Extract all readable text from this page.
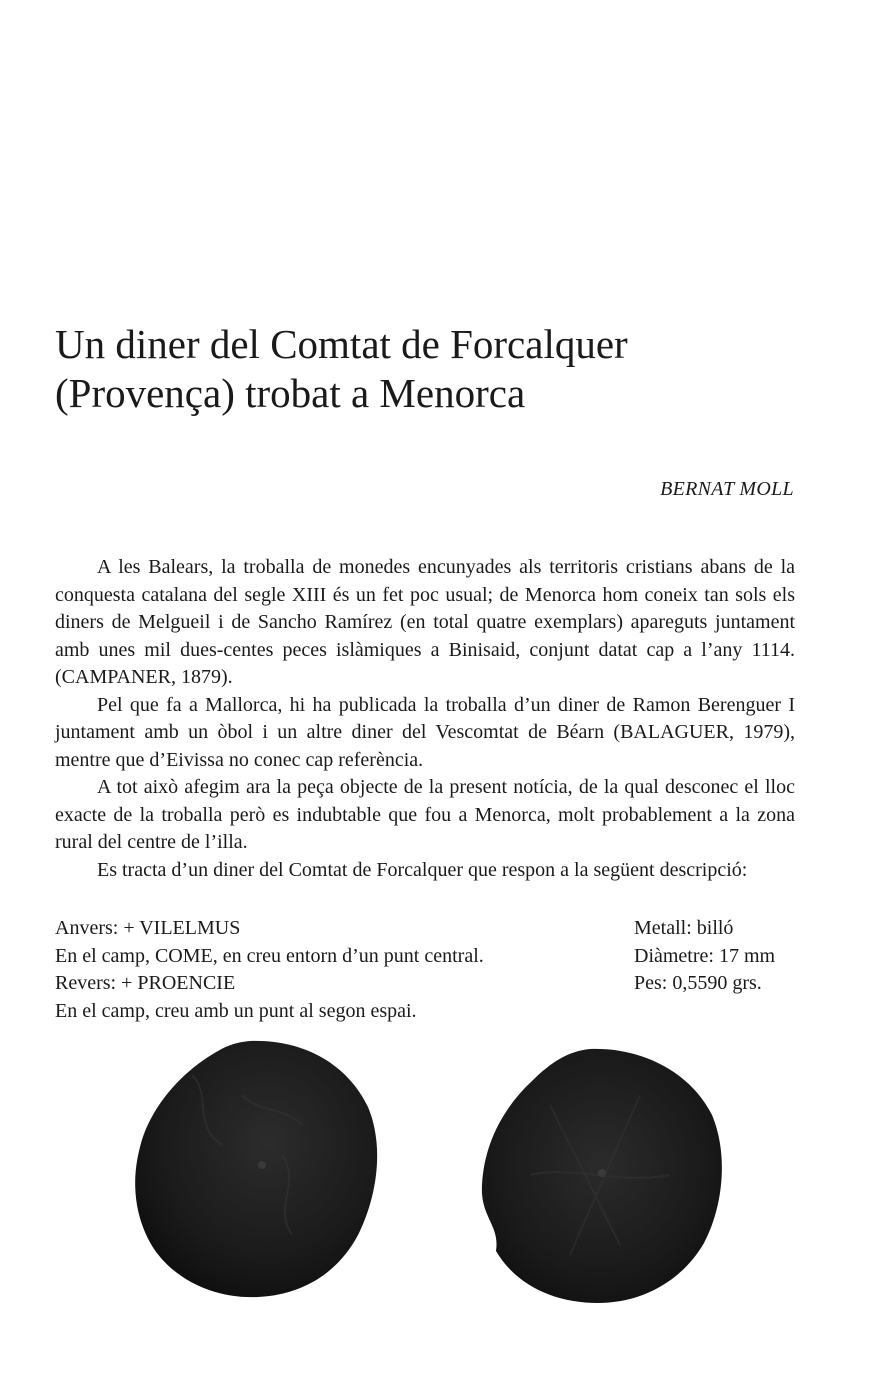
Un diner del Comtat de Forcalquer
(Provença) trobat a Menorca
BERNAT MOLL

A les Balears, la troballa de monedes encunyades als territoris cristians abans de la conquesta catalana del segle XIII és un fet poc usual; de Menorca hom coneix tan sols els diners de Melgueil i de Sancho Ramírez (en total quatre exemplars) apareguts juntament amb unes mil dues-centes peces islàmiques a Binisaid, conjunt datat cap a l’any 1114. (CAMPANER, 1879).

Pel que fa a Mallorca, hi ha publicada la troballa d’un diner de Ramon Berenguer I juntament amb un òbol i un altre diner del Vescomtat de Béarn (BALAGUER, 1979), mentre que d’Eivissa no conec cap referència.

A tot això afegim ara la peça objecte de la present notícia, de la qual desconec el lloc exacte de la troballa però es indubtable que fou a Menorca, molt probablement a la zona rural del centre de l’illa.

Es tracta d’un diner del Comtat de Forcalquer que respon a la següent descripció:

Anvers: + VILELMUS
En el camp, COME, en creu entorn d’un punt central.
Revers: + PROENCIE
En el camp, creu amb un punt al segon espai.
Metall: billó
Diàmetre: 17 mm
Pes: 0,5590 grs.
